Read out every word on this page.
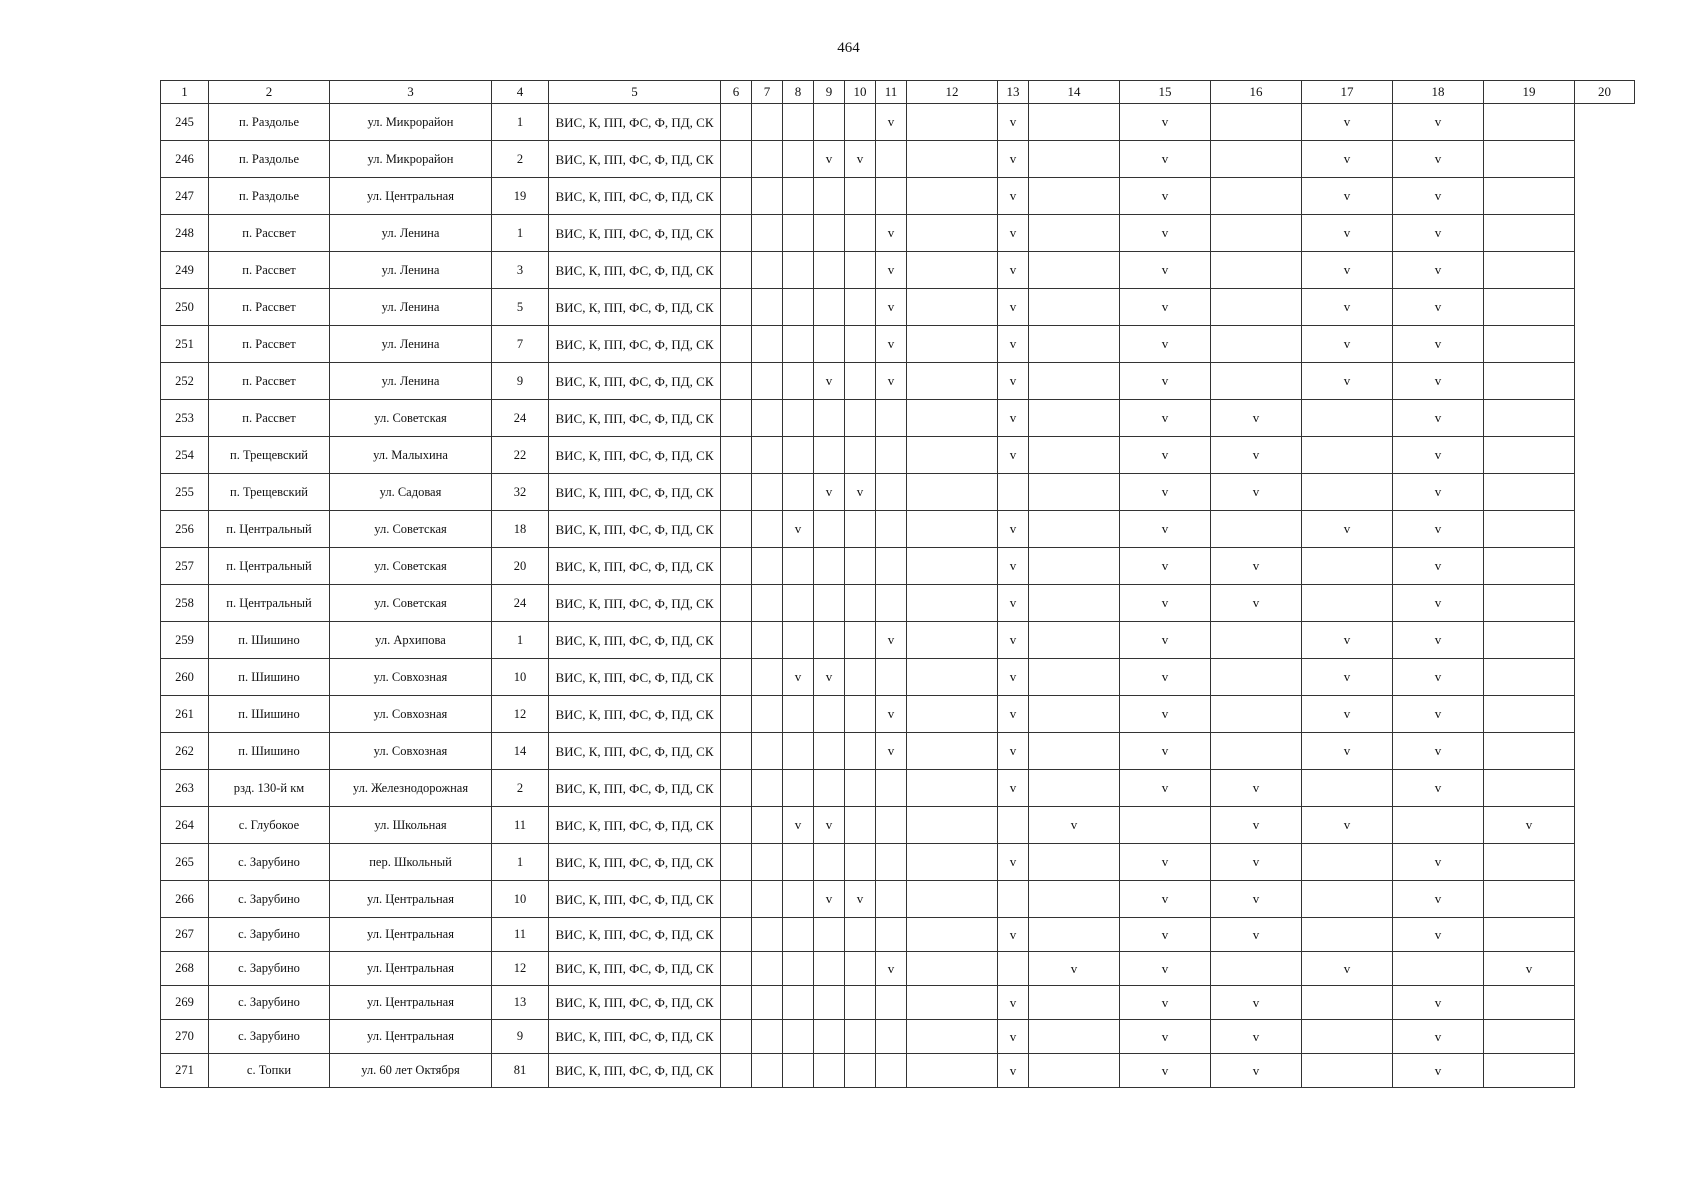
464
1	2	3	4	5	6	7	8	9	10	11	12	13	14	15	16	17	18	19	20
245	п. Раздолье	ул. Микрорайон	1	ВИС, К, ПП, ФС, Ф, ПД, СК						v		v		v		v	v		
246	п. Раздолье	ул. Микрорайон	2	ВИС, К, ПП, ФС, Ф, ПД, СК				v	v			v		v		v	v		
247	п. Раздолье	ул. Центральная	19	ВИС, К, ПП, ФС, Ф, ПД, СК								v		v		v	v		
248	п. Рассвет	ул. Ленина	1	ВИС, К, ПП, ФС, Ф, ПД, СК						v		v		v		v	v		
249	п. Рассвет	ул. Ленина	3	ВИС, К, ПП, ФС, Ф, ПД, СК						v		v		v		v	v		
250	п. Рассвет	ул. Ленина	5	ВИС, К, ПП, ФС, Ф, ПД, СК						v		v		v		v	v		
251	п. Рассвет	ул. Ленина	7	ВИС, К, ПП, ФС, Ф, ПД, СК						v		v		v		v	v		
252	п. Рассвет	ул. Ленина	9	ВИС, К, ПП, ФС, Ф, ПД, СК				v		v		v		v		v	v		
253	п. Рассвет	ул. Советская	24	ВИС, К, ПП, ФС, Ф, ПД, СК								v		v	v		v		
254	п. Трещевский	ул. Малыхина	22	ВИС, К, ПП, ФС, Ф, ПД, СК								v		v	v		v		
255	п. Трещевский	ул. Садовая	32	ВИС, К, ПП, ФС, Ф, ПД, СК				v	v					v	v		v		
256	п. Центральный	ул. Советская	18	ВИС, К, ПП, ФС, Ф, ПД, СК			v					v		v		v	v		
257	п. Центральный	ул. Советская	20	ВИС, К, ПП, ФС, Ф, ПД, СК								v		v	v		v		
258	п. Центральный	ул. Советская	24	ВИС, К, ПП, ФС, Ф, ПД, СК								v		v	v		v		
259	п. Шишино	ул. Архипова	1	ВИС, К, ПП, ФС, Ф, ПД, СК						v		v		v		v	v		
260	п. Шишино	ул. Совхозная	10	ВИС, К, ПП, ФС, Ф, ПД, СК			v	v				v		v		v	v		
261	п. Шишино	ул. Совхозная	12	ВИС, К, ПП, ФС, Ф, ПД, СК						v		v		v		v	v		
262	п. Шишино	ул. Совхозная	14	ВИС, К, ПП, ФС, Ф, ПД, СК						v		v		v		v	v		
263	рзд. 130-й км	ул. Железнодорожная	2	ВИС, К, ПП, ФС, Ф, ПД, СК								v		v	v		v		
264	с. Глубокое	ул. Школьная	11	ВИС, К, ПП, ФС, Ф, ПД, СК			v	v					v		v	v		v	
265	с. Зарубино	пер. Школьный	1	ВИС, К, ПП, ФС, Ф, ПД, СК								v		v	v		v		
266	с. Зарубино	ул. Центральная	10	ВИС, К, ПП, ФС, Ф, ПД, СК				v	v					v	v		v		
267	с. Зарубино	ул. Центральная	11	ВИС, К, ПП, ФС, Ф, ПД, СК								v		v	v		v		
268	с. Зарубино	ул. Центральная	12	ВИС, К, ПП, ФС, Ф, ПД, СК						v			v	v		v		v	
269	с. Зарубино	ул. Центральная	13	ВИС, К, ПП, ФС, Ф, ПД, СК								v		v	v		v		
270	с. Зарубино	ул. Центральная	9	ВИС, К, ПП, ФС, Ф, ПД, СК								v		v	v		v		
271	с. Топки	ул. 60 лет Октября	81	ВИС, К, ПП, ФС, Ф, ПД, СК								v		v	v		v		
